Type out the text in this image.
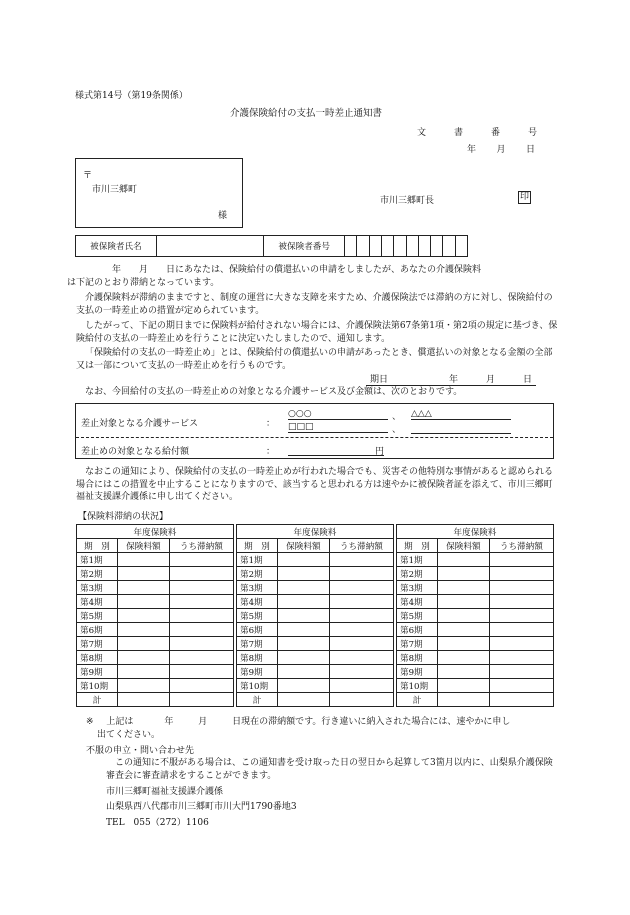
様式第14号（第19条関係）
介護保険給付の支払一時差止通知書
文	書	番	号
年 月 日
〒
市川三郷町
様
市川三郷町長	印
被保険者氏名		被保険者番号										
年　　月　　日にあなたは、保険給付の償還払いの申請をしましたが、あなたの介護保険料
は下記のとおり滞納となっています。
介護保険料が滞納のままですと、制度の運営に大きな支障を来すため、介護保険法では滞納の方に対し、保険給付の支払の一時差止めの措置が定められています。
したがって、下記の期日までに保険料が給付されない場合には、介護保険法第67条第1項・第2項の規定に基づき、保険給付の支払の一時差止めを行うことに決定いたしましたので、通知します。
「保険給付の支払の一時差止め」とは、保険給付の償還払いの申請があったとき、償還払いの対象となる金額の全部又は一部について支払の一時差止めを行うものです。
期日	年	月	日
なお、今回給付の支払の一時差止めの対象となる介護サービス及び金額は、次のとおりです。
差止対象となる介護サービス	：
○○○	、 △△△
□□□	、
差止めの対象となる給付額	：	円
なおこの通知により、保険給付の支払の一時差止めが行われた場合でも、災害その他特別な事情があると認められる場合にはこの措置を中止することになりますので、該当すると思われる方は速やかに被保険者証を添えて、市川三郷町福祉支援課介護係に申し出てください。
【保険料滞納の状況】
年度保険料		
期　別	保険料額	うち滞納額
第1期		
第2期		
第3期		
第4期		
第5期		
第6期		
第7期		
第8期		
第9期		
第10期		
計		
年度保険料		
期　別	保険料額	うち滞納額
第1期		
第2期		
第3期		
第4期		
第5期		
第6期		
第7期		
第8期		
第9期		
第10期		
計		
年度保険料		
期　別	保険料額	うち滞納額
第1期		
第2期		
第3期		
第4期		
第5期		
第6期		
第7期		
第8期		
第9期		
第10期		
計		
※ 上記は	年	月	日現在の滞納額です。行き違いに納入された場合には、速やかに申し
出てください。
不服の申立・問い合わせ先
この通知に不服がある場合は、この通知書を受け取った日の翌日から起算して3箇月以内に、山梨県介護保険審査会に審査請求をすることができます。
市川三郷町福祉支援課介護係
山梨県西八代郡市川三郷町市川大門1790番地3
TEL　055（272）1106
